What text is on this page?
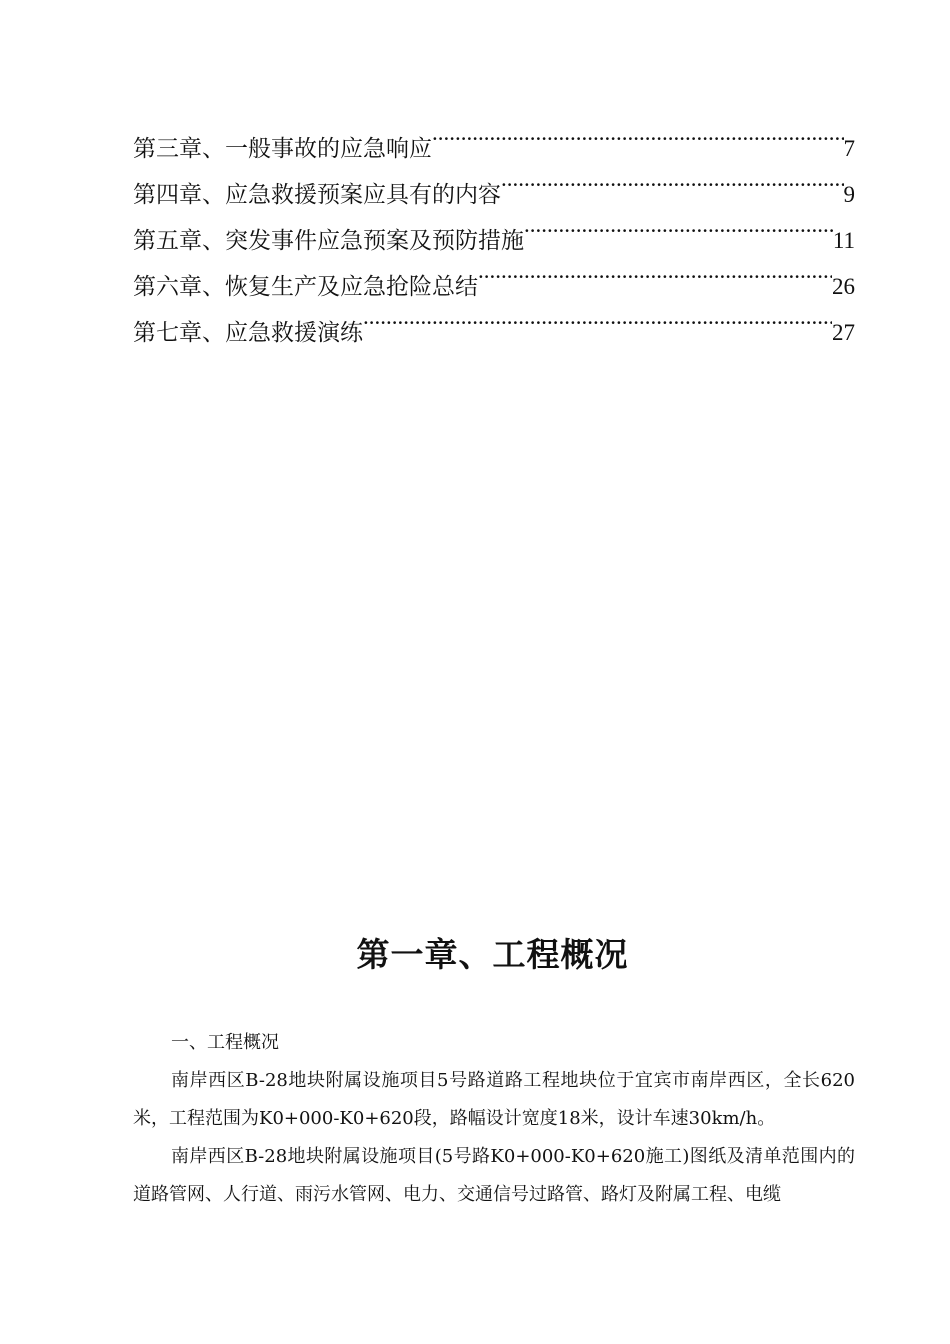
第三章、一般事故的应急响应 .....	7
第四章、应急救援预案应具有的内容 .....	9
第五章、突发事件应急预案及预防措施 .....	11
第六章、恢复生产及应急抢险总结 .....	26
第七章、应急救援演练 .....	27
第一章、工程概况
一、工程概况

南岸西区B-28地块附属设施项目5号路道路工程地块位于宜宾市南岸西区，全长620米，工程范围为K0+000-K0+620段，路幅设计宽度18米，设计车速30km/h。

南岸西区B-28地块附属设施项目(5号路K0+000-K0+620施工)图纸及清单范围内的道路管网、人行道、雨污水管网、电力、交通信号过路管、路灯及附属工程、电缆
